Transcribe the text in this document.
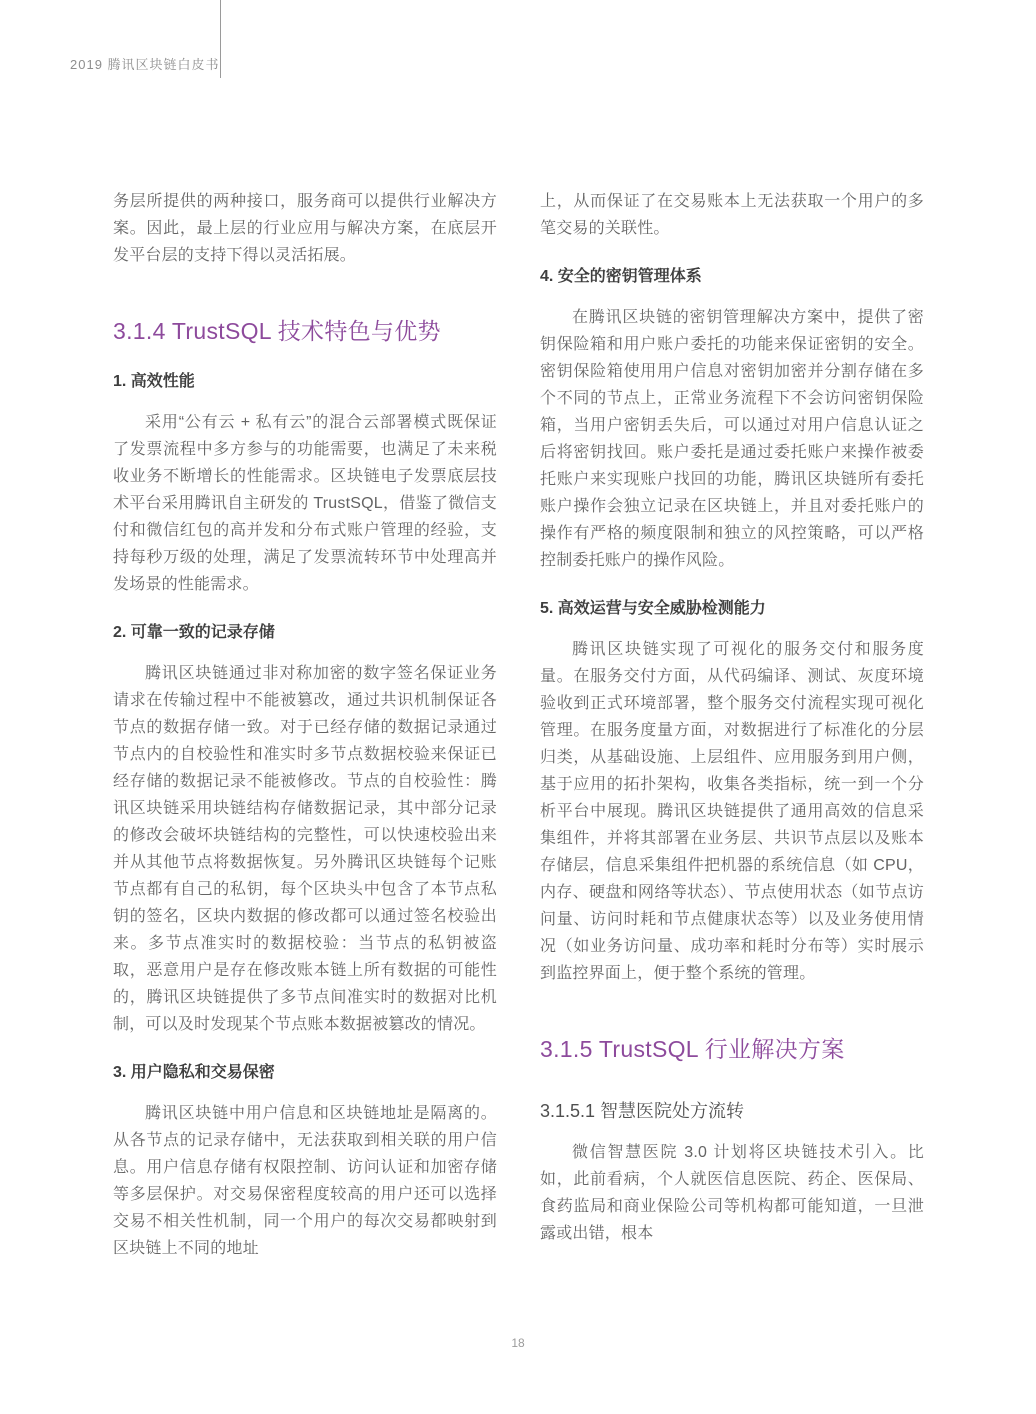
2019 腾讯区块链白皮书

务层所提供的两种接口，服务商可以提供行业解决方案。因此，最上层的行业应用与解决方案，在底层开发平台层的支持下得以灵活拓展。

3.1.4 TrustSQL 技术特色与优势
1. 高效性能

采用“公有云 + 私有云”的混合云部署模式既保证了发票流程中多方参与的功能需要，也满足了未来税收业务不断增长的性能需求。区块链电子发票底层技术平台采用腾讯自主研发的 TrustSQL，借鉴了微信支付和微信红包的高并发和分布式账户管理的经验，支持每秒万级的处理，满足了发票流转环节中处理高并发场景的性能需求。

2. 可靠一致的记录存储

腾讯区块链通过非对称加密的数字签名保证业务请求在传输过程中不能被篡改，通过共识机制保证各节点的数据存储一致。对于已经存储的数据记录通过节点内的自校验性和准实时多节点数据校验来保证已经存储的数据记录不能被修改。节点的自校验性：腾讯区块链采用块链结构存储数据记录，其中部分记录的修改会破坏块链结构的完整性，可以快速校验出来并从其他节点将数据恢复。另外腾讯区块链每个记账节点都有自己的私钥，每个区块头中包含了本节点私钥的签名，区块内数据的修改都可以通过签名校验出来。多节点准实时的数据校验：当节点的私钥被盗取，恶意用户是存在修改账本链上所有数据的可能性的，腾讯区块链提供了多节点间准实时的数据对比机制，可以及时发现某个节点账本数据被篡改的情况。

3. 用户隐私和交易保密

腾讯区块链中用户信息和区块链地址是隔离的。从各节点的记录存储中，无法获取到相关联的用户信息。用户信息存储有权限控制、访问认证和加密存储等多层保护。对交易保密程度较高的用户还可以选择交易不相关性机制，同一个用户的每次交易都映射到区块链上不同的地址

上，从而保证了在交易账本上无法获取一个用户的多笔交易的关联性。

4. 安全的密钥管理体系

在腾讯区块链的密钥管理解决方案中，提供了密钥保险箱和用户账户委托的功能来保证密钥的安全。密钥保险箱使用用户信息对密钥加密并分割存储在多个不同的节点上，正常业务流程下不会访问密钥保险箱，当用户密钥丢失后，可以通过对用户信息认证之后将密钥找回。账户委托是通过委托账户来操作被委托账户来实现账户找回的功能，腾讯区块链所有委托账户操作会独立记录在区块链上，并且对委托账户的操作有严格的频度限制和独立的风控策略，可以严格控制委托账户的操作风险。

5. 高效运营与安全威胁检测能力

腾讯区块链实现了可视化的服务交付和服务度量。在服务交付方面，从代码编译、测试、灰度环境验收到正式环境部署，整个服务交付流程实现可视化管理。在服务度量方面，对数据进行了标准化的分层归类，从基础设施、上层组件、应用服务到用户侧，基于应用的拓扑架构，收集各类指标，统一到一个分析平台中展现。腾讯区块链提供了通用高效的信息采集组件，并将其部署在业务层、共识节点层以及账本存储层，信息采集组件把机器的系统信息（如 CPU，内存、硬盘和网络等状态）、节点使用状态（如节点访问量、访问时耗和节点健康状态等）以及业务使用情况（如业务访问量、成功率和耗时分布等）实时展示到监控界面上，便于整个系统的管理。

3.1.5 TrustSQL 行业解决方案
3.1.5.1 智慧医院处方流转

微信智慧医院 3.0 计划将区块链技术引入。比如，此前看病，个人就医信息医院、药企、医保局、食药监局和商业保险公司等机构都可能知道，一旦泄露或出错，根本

18
